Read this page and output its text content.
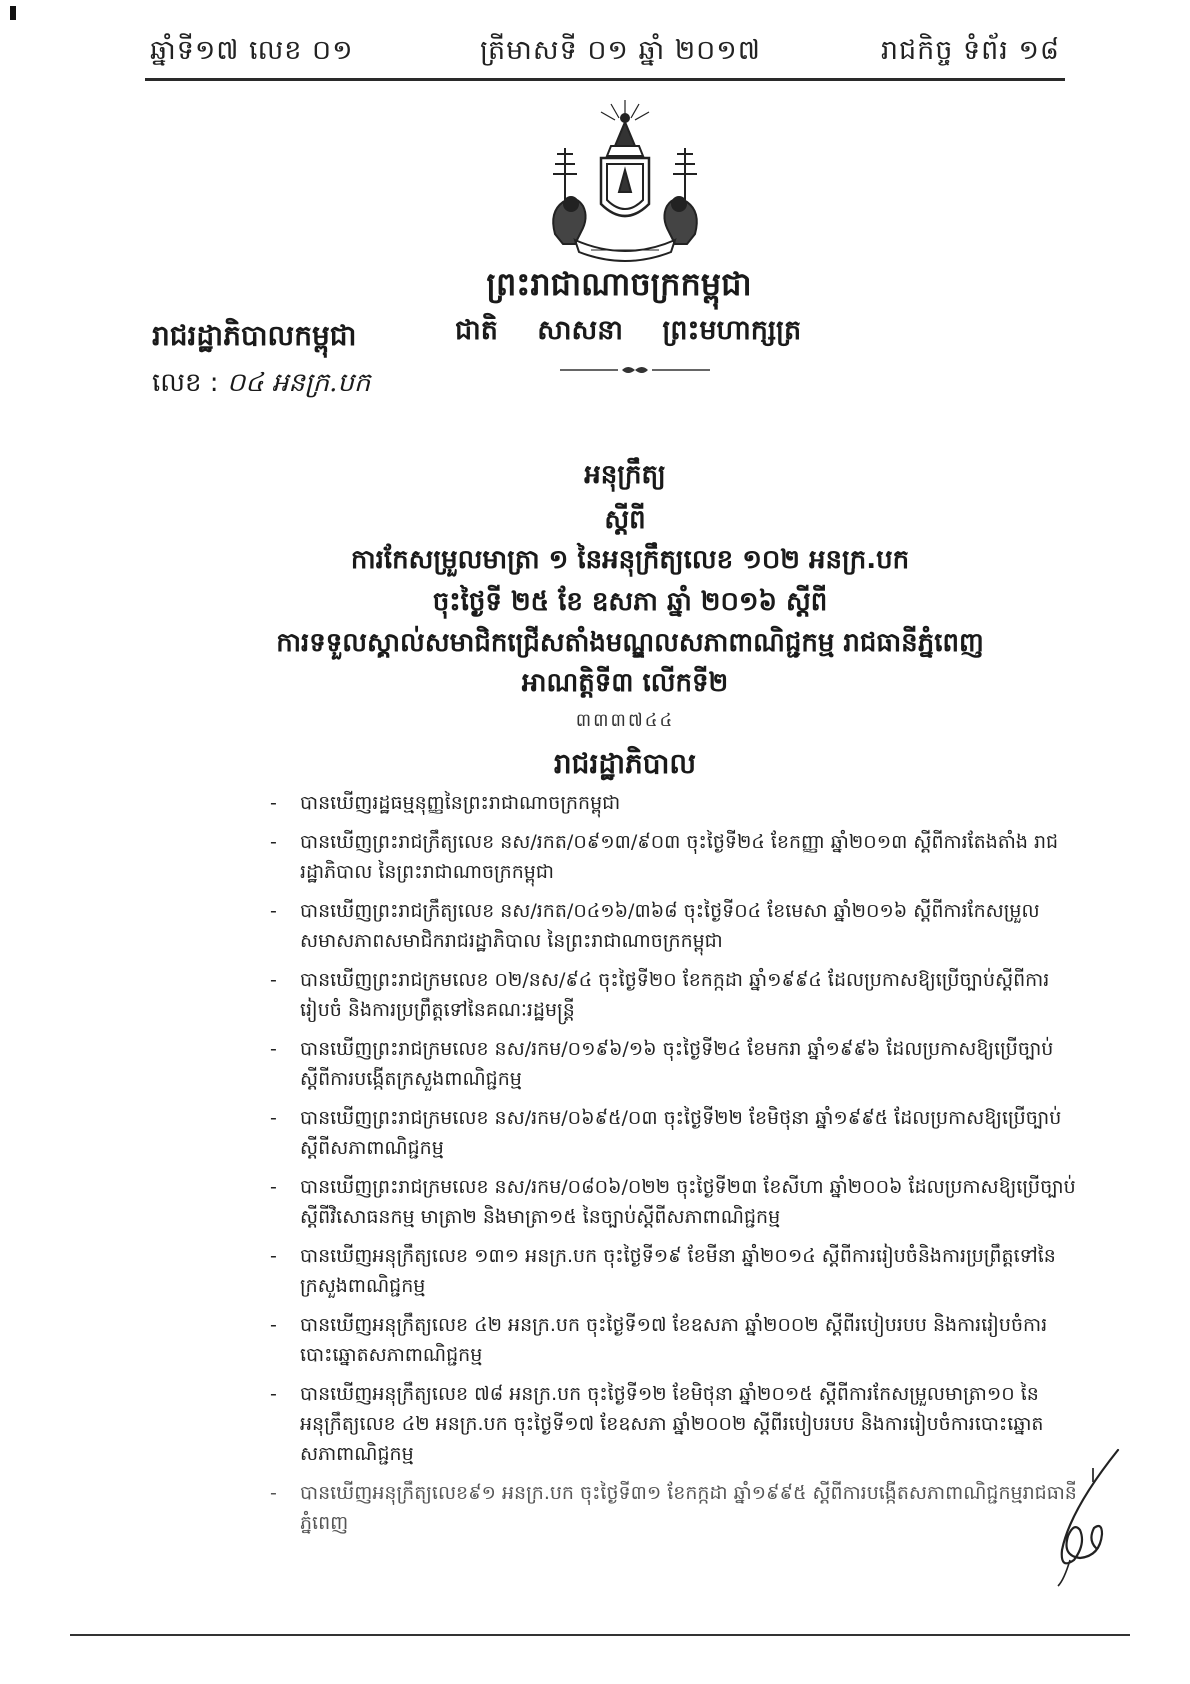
ឆ្នាំទី១៧ លេខ ០១	ត្រីមាសទី ០១ ឆ្នាំ ២០១៧	រាជកិច្ច ទំព័រ ១៨
ព្រះរាជាណាចក្រកម្ពុជា
រាជរដ្ឋាភិបាលកម្ពុជា	ជាតិ សាសនា ព្រះមហាក្សត្រ
លេខ : ០៤ អនក្រ.បក
អនុក្រឹត្យ
ស្តីពី
ការកែសម្រួលមាត្រា ១ នៃអនុក្រឹត្យលេខ ១០២ អនក្រ.បក
ចុះថ្ងៃទី ២៥ ខែ ឧសភា ឆ្នាំ ២០១៦ ស្តីពី
ការទទួលស្គាល់សមាជិកជ្រើសតាំងមណ្ឌលសភាពាណិជ្ជកម្ម រាជធានីភ្នំពេញ
អាណត្តិទី៣ លើកទី២
៣៣៣៧៤៤
រាជរដ្ឋាភិបាល
- បានឃើញរដ្ឋធម្មនុញ្ញនៃព្រះរាជាណាចក្រកម្ពុជា
- បានឃើញព្រះរាជក្រឹត្យលេខ នស/រកត/០៩១៣/៩០៣ ចុះថ្ងៃទី២៤ ខែកញ្ញា ឆ្នាំ២០១៣ ស្តីពីការតែងតាំង រាជរដ្ឋាភិបាល នៃព្រះរាជាណាចក្រកម្ពុជា
- បានឃើញព្រះរាជក្រឹត្យលេខ នស/រកត/០៤១៦/៣៦៨ ចុះថ្ងៃទី០៤ ខែមេសា ឆ្នាំ២០១៦ ស្តីពីការកែសម្រួល សមាសភាពសមាជិករាជរដ្ឋាភិបាល នៃព្រះរាជាណាចក្រកម្ពុជា
- បានឃើញព្រះរាជក្រមលេខ ០២/នស/៩៤ ចុះថ្ងៃទី២០ ខែកក្កដា ឆ្នាំ១៩៩៤ ដែលប្រកាសឱ្យប្រើច្បាប់ស្តីពីការរៀបចំ និងការប្រព្រឹត្តទៅនៃគណៈរដ្ឋមន្ត្រី
- បានឃើញព្រះរាជក្រមលេខ នស/រកម/០១៩៦/១៦ ចុះថ្ងៃទី២៤ ខែមករា ឆ្នាំ១៩៩៦ ដែលប្រកាសឱ្យប្រើច្បាប់ស្តីពីការបង្កើតក្រសួងពាណិជ្ជកម្ម
- បានឃើញព្រះរាជក្រមលេខ នស/រកម/០៦៩៥/០៣ ចុះថ្ងៃទី២២ ខែមិថុនា ឆ្នាំ១៩៩៥ ដែលប្រកាសឱ្យប្រើច្បាប់ស្តីពីសភាពាណិជ្ជកម្ម
- បានឃើញព្រះរាជក្រមលេខ នស/រកម/០៨០៦/០២២ ចុះថ្ងៃទី២៣ ខែសីហា ឆ្នាំ២០០៦ ដែលប្រកាសឱ្យប្រើច្បាប់ស្តីពីវិសោធនកម្ម មាត្រា២ និងមាត្រា១៥ នៃច្បាប់ស្តីពីសភាពាណិជ្ជកម្ម
- បានឃើញអនុក្រឹត្យលេខ ១៣១ អនក្រ.បក ចុះថ្ងៃទី១៩ ខែមីនា ឆ្នាំ២០១៤ ស្តីពីការរៀបចំនិងការប្រព្រឹត្តទៅនៃក្រសួងពាណិជ្ជកម្ម
- បានឃើញអនុក្រឹត្យលេខ ៤២ អនក្រ.បក ចុះថ្ងៃទី១៧ ខែឧសភា ឆ្នាំ២០០២ ស្តីពីរបៀបរបប និងការរៀបចំការបោះឆ្នោតសភាពាណិជ្ជកម្ម
- បានឃើញអនុក្រឹត្យលេខ ៧៨ អនក្រ.បក ចុះថ្ងៃទី១២ ខែមិថុនា ឆ្នាំ២០១៥ ស្តីពីការកែសម្រួលមាត្រា១០ នៃអនុក្រឹត្យលេខ ៤២ អនក្រ.បក ចុះថ្ងៃទី១៧ ខែឧសភា ឆ្នាំ២០០២ ស្តីពីរបៀបរបប និងការរៀបចំការបោះឆ្នោតសភាពាណិជ្ជកម្ម
- បានឃើញអនុក្រឹត្យលេខ៩១ អនក្រ.បក ចុះថ្ងៃទី៣១ ខែកក្កដា ឆ្នាំ១៩៩៥ ស្តីពីការបង្កើតសភាពាណិជ្ជកម្មរាជធានីភ្នំពេញ
